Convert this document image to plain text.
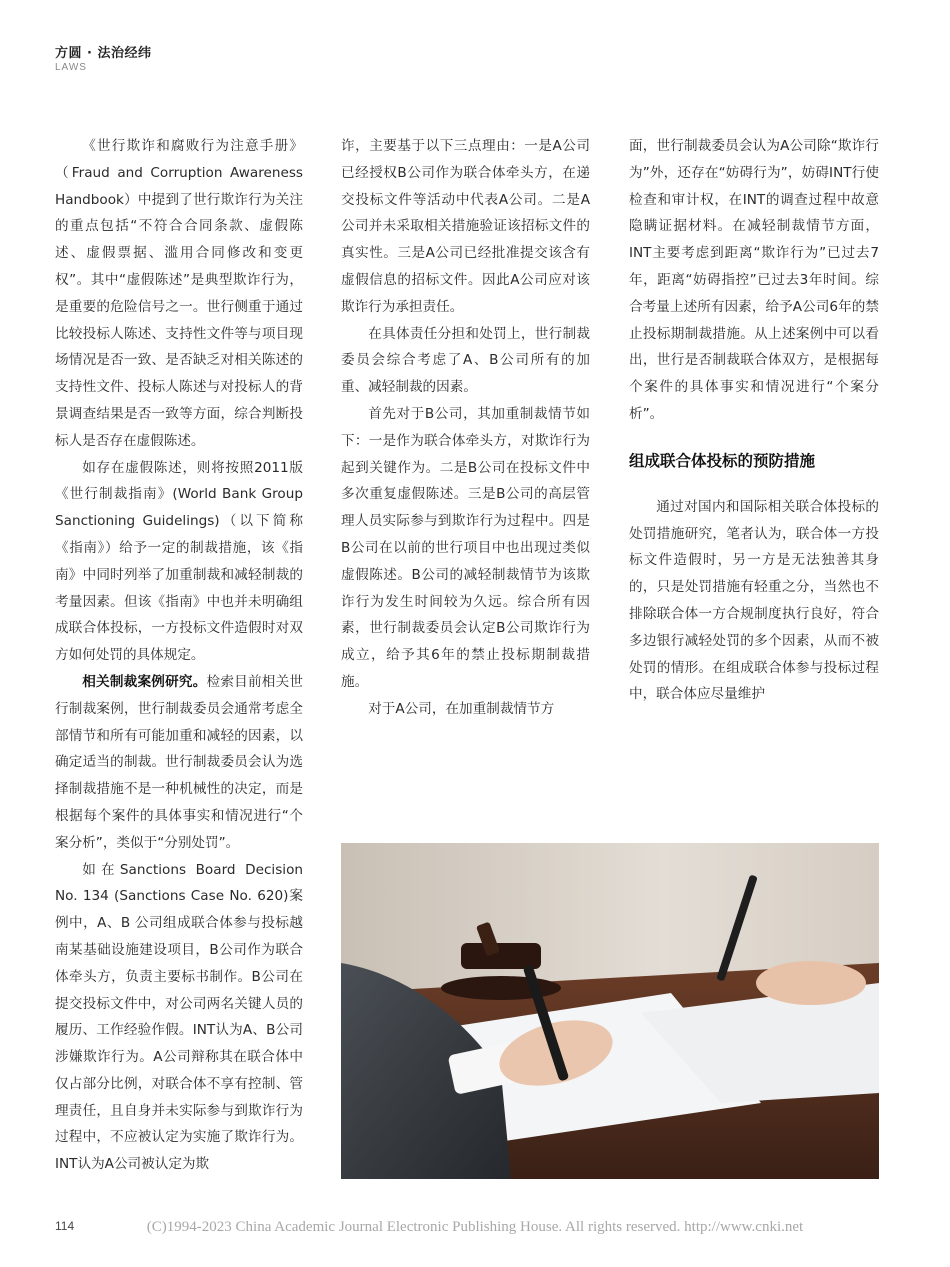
方圆 · 法治经纬
LAWS

《世行欺诈和腐败行为注意手册》（Fraud and Corruption Awareness Handbook）中提到了世行欺诈行为关注的重点包括“不符合合同条款、虚假陈述、虚假票据、滥用合同修改和变更权”。其中“虚假陈述”是典型欺诈行为，是重要的危险信号之一。世行侧重于通过比较投标人陈述、支持性文件等与项目现场情况是否一致、是否缺乏对相关陈述的支持性文件、投标人陈述与对投标人的背景调查结果是否一致等方面，综合判断投标人是否存在虚假陈述。

如存在虚假陈述，则将按照2011版《世行制裁指南》(World Bank Group Sanctioning Guidelings)（以下简称《指南》）给予一定的制裁措施，该《指南》中同时列举了加重制裁和减轻制裁的考量因素。但该《指南》中也并未明确组成联合体投标，一方投标文件造假时对双方如何处罚的具体规定。

相关制裁案例研究。检索目前相关世行制裁案例，世行制裁委员会通常考虑全部情节和所有可能加重和减轻的因素，以确定适当的制裁。世行制裁委员会认为选择制裁措施不是一种机械性的决定，而是根据每个案件的具体事实和情况进行“个案分析”，类似于“分别处罚”。

如在Sanctions Board Decision No. 134 (Sanctions Case No. 620)案例中，A、B 公司组成联合体参与投标越南某基础设施建设项目，B公司作为联合体牵头方，负责主要标书制作。B公司在提交投标文件中，对公司两名关键人员的履历、工作经验作假。INT认为A、B公司涉嫌欺诈行为。A公司辩称其在联合体中仅占部分比例，对联合体不享有控制、管理责任，且自身并未实际参与到欺诈行为过程中，不应被认定为实施了欺诈行为。INT认为A公司被认定为欺

诈，主要基于以下三点理由：一是A公司已经授权B公司作为联合体牵头方，在递交投标文件等活动中代表A公司。二是A公司并未采取相关措施验证该招标文件的真实性。三是A公司已经批准提交该含有虚假信息的招标文件。因此A公司应对该欺诈行为承担责任。

在具体责任分担和处罚上，世行制裁委员会综合考虑了A、B公司所有的加重、减轻制裁的因素。

首先对于B公司，其加重制裁情节如下：一是作为联合体牵头方，对欺诈行为起到关键作为。二是B公司在投标文件中多次重复虚假陈述。三是B公司的高层管理人员实际参与到欺诈行为过程中。四是B公司在以前的世行项目中也出现过类似虚假陈述。B公司的减轻制裁情节为该欺诈行为发生时间较为久远。综合所有因素，世行制裁委员会认定B公司欺诈行为成立，给予其6年的禁止投标期制裁措施。

对于A公司，在加重制裁情节方

面，世行制裁委员会认为A公司除“欺诈行为”外，还存在“妨碍行为”，妨碍INT行使检查和审计权，在INT的调查过程中故意隐瞒证据材料。在减轻制裁情节方面，INT主要考虑到距离“欺诈行为”已过去7年，距离“妨碍指控”已过去3年时间。综合考量上述所有因素，给予A公司6年的禁止投标期制裁措施。从上述案例中可以看出，世行是否制裁联合体双方，是根据每个案件的具体事实和情况进行“个案分析”。

组成联合体投标的预防措施

通过对国内和国际相关联合体投标的处罚措施研究，笔者认为，联合体一方投标文件造假时，另一方是无法独善其身的，只是处罚措施有轻重之分，当然也不排除联合体一方合规制度执行良好，符合多边银行减轻处罚的多个因素，从而不被处罚的情形。在组成联合体参与投标过程中，联合体应尽量维护

(C)1994-2023 China Academic Journal Electronic Publishing House. All rights reserved. http://www.cnki.net
114
